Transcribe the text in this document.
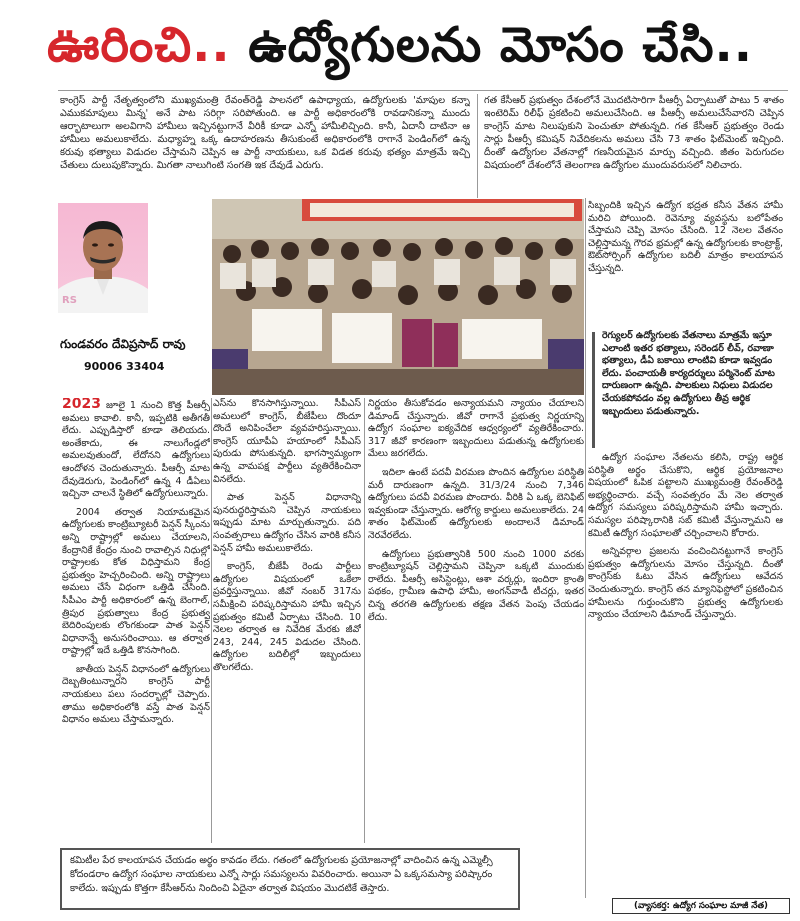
ఊరించి.. ఉద్యోగులను మోసం చేసి..
కాంగ్రెస్ పార్టీ నేతృత్వంలోని ముఖ్యమంత్రి రేవంత్‌రెడ్డి పాలనలో ఉపాధ్యాయ, ఉద్యోగులకు 'మాపుల కన్నా ఎముకమాపులు మిన్న' అనే పాట సరిగ్గా సరిపోతుంది. ఆ పార్టీ అధికారంలోకి రావడానికన్నా ముందు ఆర్భాటాలుగా అలవిగాని హామీలు ఇచ్చినట్టుగానే వీరికీ కూడా ఎన్నో హామీలిచ్చింది. కానీ, ఏదానీ దాటినా ఆ హామీలు అమలుకాలేదు. మధ్యాహ్న ఒక్క ఉదాహరణను తీసుకుంటే అధికారంలోకి రాగానే పెండింగ్‌లో ఉన్న కరువు భత్యాలు విడుదల చేస్తామని చెప్పిన ఆ పార్టీ నాయకులు, ఒక విడత కరువు భత్యం మాత్రమే ఇచ్చి చేతులు దులుపుకొన్నారు. మిగతా నాలుగింటి సంగతి ఇక దేవుడే ఎరుగు.
గత కేసీఆర్ ప్రభుత్వం దేశంలోనే మొదటిసారిగా పీఆర్సీ ఏర్పాటుతో పాటు 5 శాతం ఇంటెరిమ్ రిలీఫ్ ప్రకటించి అమలుచేసింది. ఆ పీఆర్సీ అమలుచేసేవారని చెప్పిన కాంగ్రెస్ మాట నిలుపుకుని పెంచుతూ పోతున్నది. గత కేసీఆర్ ప్రభుత్వం రెండు సార్లు పీఆర్సీ కమిషన్ నివేదికలను అమలు చేసి 73 శాతం ఫిట్‌మెంట్ ఇచ్చింది. దీంతో ఉద్యోగుల వేతనాల్లో గణనీయమైన మార్పు వచ్చింది. జీతం పెరుగుదల విషయంలో దేశంలోనే తెలంగాణ ఉద్యోగుల ముందువరుసలో నిలిచారు.
RS
గుండవరం దేవిప్రసాద్ రావు
90006 33404

2023 జూలై 1 నుంచి కొత్త పీఆర్సీ అమలు కావాలి. కానీ, ఇప్పటికి అతీగతీ లేదు. ఎప్పుడిస్తారో కూడా తెలియదు. అంతేకాదు, ఈ నాలుగేండ్లలో అమలవుతుందో, లేదోనని ఉద్యోగులు ఆందోళన చెందుతున్నారు. పీఆర్సీ మాట దేవుడెరుగు, పెండింగ్‌లో ఉన్న 4 డీఏలు ఇచ్చినా చాలనే స్థితిలో ఉద్యోగులున్నారు.

2004 తర్వాత నియామకమైన ఉద్యోగులకు కాంట్రిబ్యూటరీ పెన్షన్ స్కీంను అన్ని రాష్ట్రాల్లో అమలు చేయాలని, కేంద్రానికే కేంద్రం నుంచి రావాల్సిన నిధుల్లో రాష్ట్రాలకు కోత విధిస్తామని కేంద్ర ప్రభుత్వం హెచ్చరించింది. అన్ని రాష్ట్రాలు అమలు చేసే విధంగా ఒత్తిడి చేసింది. సీపీఎం పార్టీ అధికారంలో ఉన్న బెంగాల్, త్రిపుర ప్రభుత్వాలు కేంద్ర ప్రభుత్వ బెదిరింపులకు లొంగకుండా పాత పెన్షన్ విధానాన్నే అనుసరించాయి. ఆ తర్వాత రాష్ట్రాల్లో ఇదే ఒత్తిడి కొనసాగింది.

జాతీయ పెన్షన్ విధానంలో ఉద్యోగులు దెబ్బతింటున్నారని కాంగ్రెస్ పార్టీ నాయకులు పలు సందర్భాల్లో చెప్పారు. తాము అధికారంలోకి వస్తే పాత పెన్షన్ విధానం అమలు చేస్తామన్నారు.

ఎస్‌ను కొనసాగిస్తున్నాయి. సీపీఎస్ అమలులో కాంగ్రెస్, బీజేపీలు దొందూ దొందే అనిపించేలా వ్యవహరిస్తున్నాయి. కాంగ్రెస్ యూపీఏ హయాంలో సీపీఎస్ పురుడు పోసుకున్నది. భాగస్వామ్యంగా ఉన్న వామపక్ష పార్టీలు వ్యతిరేకించినా వినలేదు.

పాత పెన్షన్ విధానాన్ని పునరుద్ధరిస్తామని చెప్పిన నాయకులు ఇప్పుడు మాట మార్చుతున్నారు. పది సంవత్సరాలు ఉద్యోగం చేసిన వారికి కనీస పెన్షన్ హామీ అమలుకాలేదు.

కాంగ్రెస్, బీజేపీ రెండు పార్టీలు ఉద్యోగుల విషయంలో ఒకేలా ప్రవర్తిస్తున్నాయి. జీవో నంబర్ 317ను సమీక్షించి పరిష్కరిస్తామని హామీ ఇచ్చిన ప్రభుత్వం కమిటీ ఏర్పాటు చేసింది. 10 నెలల తర్వాత ఆ నివేదిక మేరకు జీవో 243, 244, 245 విడుదల చేసింది. ఉద్యోగుల బదిలీల్లో ఇబ్బందులు తొలగలేదు.

నిర్ణయం తీసుకోవడం అన్యాయమని న్యాయం చేయాలని డిమాండ్ చేస్తున్నారు. జీవో రాగానే ప్రభుత్వ నిర్ణయాన్ని ఉద్యోగ సంఘాల ఐక్యవేదిక ఆధ్వర్యంలో వ్యతిరేకించారు. 317 జీవో కారణంగా ఇబ్బందులు పడుతున్న ఉద్యోగులకు మేలు జరగలేదు.

ఇదిలా ఉంటే పదవీ విరమణ పొందిన ఉద్యోగుల పరిస్థితి మరీ దారుణంగా ఉన్నది. 31/3/24 నుంచి 7,346 ఉద్యోగులు పదవీ విరమణ పొందారు. వీరికి ఏ ఒక్క బెనిఫిట్ ఇవ్వకుండా చేస్తున్నారు. ఆరోగ్య కార్డులు అమలుకాలేదు. 24 శాతం ఫిట్‌మెంట్ ఉద్యోగులకు అందాలనే డిమాండ్ నెరవేరలేదు.

ఉద్యోగులు ప్రభుత్వానికి 500 నుంచి 1000 వరకు కాంట్రిబ్యూషన్ చెల్లిస్తామని చెప్పినా ఒక్కటి ముందుకు రాలేదు. పీఆర్సీ అసిస్టెంట్లు, ఆశా వర్కర్లు, ఇందిరా క్రాంతి పథకం, గ్రామీణ ఉపాధి హామీ, అంగన్‌వాడీ టీచర్లు, ఇతర చిన్న తరగతి ఉద్యోగులకు తక్షణ వేతన పెంపు చేయడం లేదు.

సిబ్బందికి ఇచ్చిన ఉద్యోగ భద్రత కనీస వేతన హామీ మరిచి పోయింది. రెవెన్యూ వ్యవస్థను బలోపేతం చేస్తామని చెప్పి మోసం చేసింది. 12 నెలల వేతనం చెల్లిస్తామన్న గౌరవ భ్రమల్లో ఉన్న ఉద్యోగులకు కాంట్రాక్ట్, ఔట్‌సోర్సింగ్ ఉద్యోగుల బదిలీ మాత్రం కాలయాపన చేస్తున్నది.

రెగ్యులర్ ఉద్యోగులకు వేతనాలు మాత్రమే ఇస్తూ ఎలాంటి ఇతర భత్యాలు, సరెండర్ లీవ్, రవాణా భత్యాలు, డీఏ బకాయి లాంటివి కూడా ఇవ్వడం లేదు. పంచాయతీ కార్యదర్శులు పర్మినెంట్ మాట దారుణంగా ఉన్నది. పాలకులు నిధులు విడుదల చేయకపోవడం వల్ల ఉద్యోగులు తీవ్ర ఆర్థిక ఇబ్బందులు పడుతున్నారు.

ఉద్యోగ సంఘాల నేతలను కలిసి, రాష్ట్ర ఆర్థిక పరిస్థితి అర్థం చేసుకొని, ఆర్థిక ప్రయోజనాల విషయంలో ఓపిక పట్టాలని ముఖ్యమంత్రి రేవంత్‌రెడ్డి అభ్యర్థించారు. వచ్చే సంవత్సరం మే నెల తర్వాత ఉద్యోగ సమస్యలు పరిష్కరిస్తామని హామీ ఇచ్చారు. సమస్యల పరిష్కారానికి సబ్ కమిటీ వేస్తున్నామని ఆ కమిటీ ఉద్యోగ సంఘాలతో చర్చించాలని కోరారు.

అన్నివర్గాల ప్రజలను వంచించినట్టుగానే కాంగ్రెస్ ప్రభుత్వం ఉద్యోగులను మోసం చేస్తున్నది. దీంతో కాంగ్రెస్‌కు ఓటు వేసిన ఉద్యోగులు ఆవేదన చెందుతున్నారు. కాంగ్రెస్ తన మ్యానిఫెస్టోలో ప్రకటించిన హామీలను గుర్తుంచుకొని ప్రభుత్వ ఉద్యోగులకు న్యాయం చేయాలని డిమాండ్ చేస్తున్నారు.

కమిటీల పేర కాలయాపన చేయడం అర్థం కావడం లేదు. గతంలో ఉద్యోగులకు ప్రయోజనాల్లో వాదించిన ఉన్న ఎమ్మెల్సీ కోదండరాం ఉద్యోగ సంఘాల నాయకులు ఎన్నో సార్లు సమస్యలను వివరించారు. అయినా ఏ ఒక్కసమస్యా పరిష్కారం కాలేదు. ఇప్పుడు కొత్తగా కేసీఆర్‌ను నిందించి ఏదైనా తర్వాత విషయం మొదటికే తెస్తారు.
(వ్యాసకర్త: ఉద్యోగ సంఘాల మాజీ నేత)
